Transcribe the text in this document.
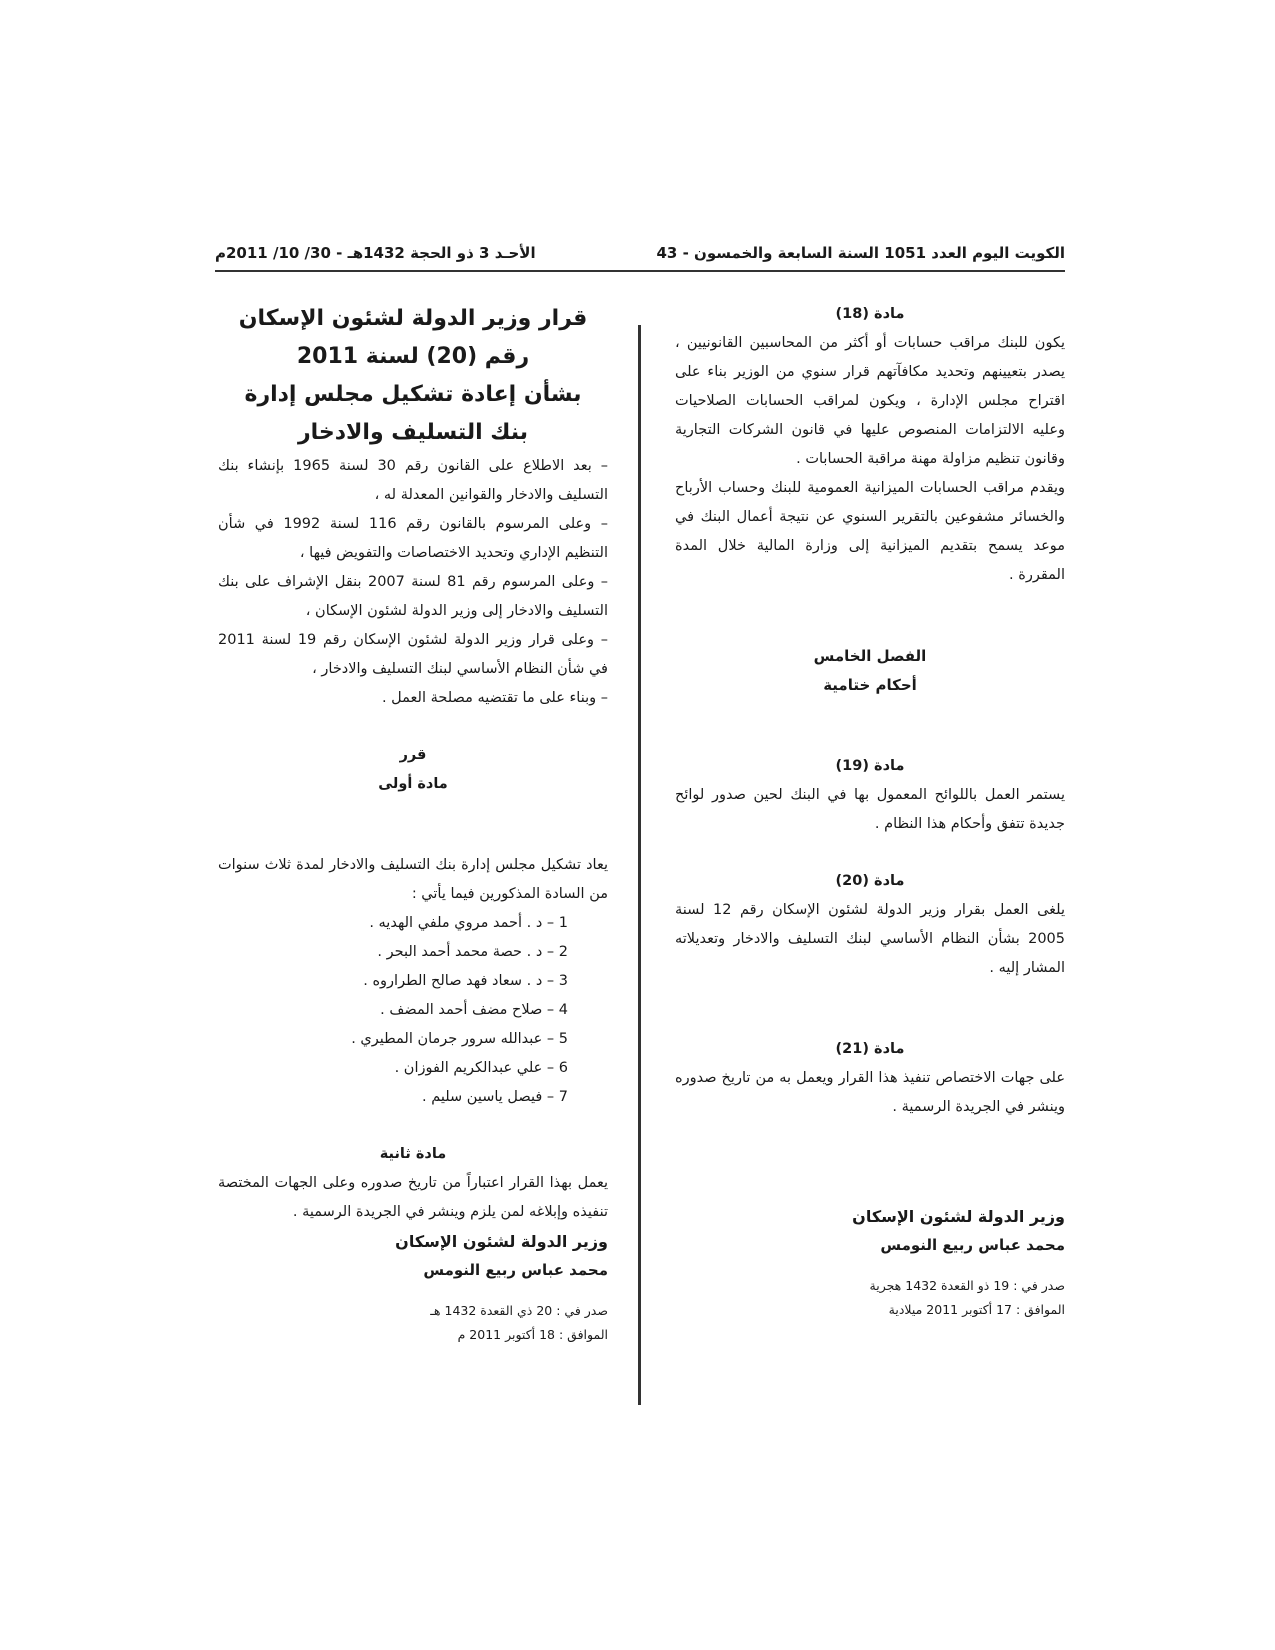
الكويت اليوم العدد 1051 السنة السابعة والخمسون - 43
الأحـد 3 ذو الحجة 1432هـ - 30/ 10/ 2011م

مادة (18)

يكون للبنك مراقب حسابات أو أكثر من المحاسبين القانونيين ، يصدر بتعيينهم وتحديد مكافآتهم قرار سنوي من الوزير بناء على اقتراح مجلس الإدارة ، ويكون لمراقب الحسابات الصلاحيات وعليه الالتزامات المنصوص عليها في قانون الشركات التجارية وقانون تنظيم مزاولة مهنة مراقبة الحسابات .

ويقدم مراقب الحسابات الميزانية العمومية للبنك وحساب الأرباح والخسائر مشفوعين بالتقرير السنوي عن نتيجة أعمال البنك في موعد يسمح بتقديم الميزانية إلى وزارة المالية خلال المدة المقررة .

الفصل الخامس

أحكام ختامية

مادة (19)

يستمر العمل باللوائح المعمول بها في البنك لحين صدور لوائح جديدة تتفق وأحكام هذا النظام .

مادة (20)

يلغى العمل بقرار وزير الدولة لشئون الإسكان رقم 12 لسنة 2005 بشأن النظام الأساسي لبنك التسليف والادخار وتعديلاته المشار إليه .

مادة (21)

على جهات الاختصاص تنفيذ هذا القرار ويعمل به من تاريخ صدوره وينشر في الجريدة الرسمية .

وزير الدولة لشئون الإسكان

محمد عباس ربيع النومس

صدر في : 19 ذو القعدة 1432 هجرية

الموافق : 17 أكتوبر 2011 ميلادية

قرار وزير الدولة لشئون الإسكان

رقم (20) لسنة 2011

بشأن إعادة تشكيل مجلس إدارة

بنك التسليف والادخار

– بعد الاطلاع على القانون رقم 30 لسنة 1965 بإنشاء بنك التسليف والادخار والقوانين المعدلة له ،
– وعلى المرسوم بالقانون رقم 116 لسنة 1992 في شأن التنظيم الإداري وتحديد الاختصاصات والتفويض فيها ،
– وعلى المرسوم رقم 81 لسنة 2007 بنقل الإشراف على بنك التسليف والادخار إلى وزير الدولة لشئون الإسكان ،
– وعلى قرار وزير الدولة لشئون الإسكان رقم 19 لسنة 2011 في شأن النظام الأساسي لبنك التسليف والادخار ،
– وبناء على ما تقتضيه مصلحة العمل .

قرر

مادة أولى

يعاد تشكيل مجلس إدارة بنك التسليف والادخار لمدة ثلاث سنوات من السادة المذكورين فيما يأتي :

1 – د . أحمد مروي ملفي الهديه .
2 – د . حصة محمد أحمد البحر .
3 – د . سعاد فهد صالح الطراروه .
4 – صلاح مضف أحمد المضف .
5 – عبدالله سرور جرمان المطيري .
6 – علي عبدالكريم الفوزان .
7 – فيصل ياسين سليم .

مادة ثانية

يعمل بهذا القرار اعتباراً من تاريخ صدوره وعلى الجهات المختصة تنفيذه وإبلاغه لمن يلزم وينشر في الجريدة الرسمية .

وزير الدولة لشئون الإسكان

محمد عباس ربيع النومس

صدر في : 20 ذي القعدة 1432 هـ

الموافق : 18 أكتوبر 2011 م
